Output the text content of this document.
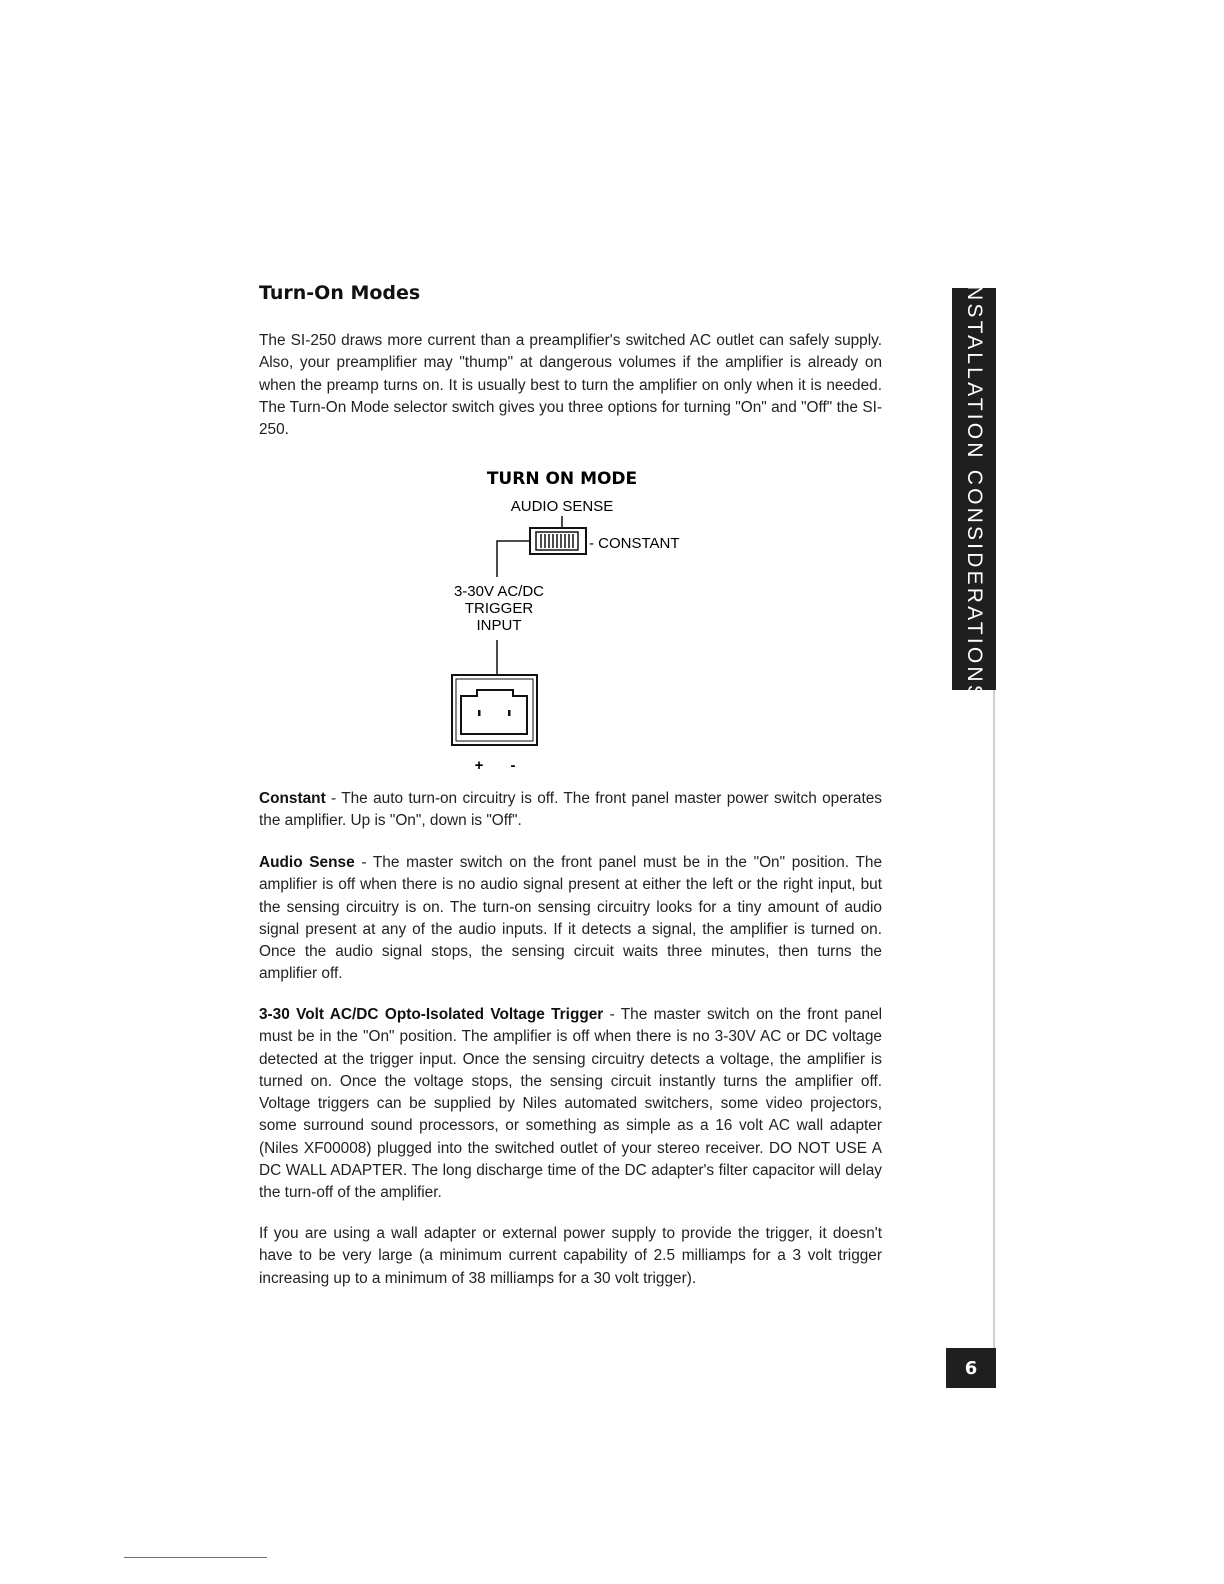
Turn-On Modes

The SI-250 draws more current than a preamplifier's switched AC outlet can safely supply. Also, your preamplifier may "thump" at dangerous volumes if the amplifier is already on when the preamp turns on. It is usually best to turn the amplifier on only when it is needed. The Turn-On Mode selector switch gives you three options for turning "On" and "Off" the SI-250.

TURN ON MODE
AUDIO SENSE
- CONSTANT
3-30V AC/DC
TRIGGER
INPUT
+ -

Constant - The auto turn-on circuitry is off. The front panel master power switch operates the amplifier. Up is "On", down is "Off".

Audio Sense - The master switch on the front panel must be in the "On" position. The amplifier is off when there is no audio signal present at either the left or the right input, but the sensing circuitry is on. The turn-on sensing circuitry looks for a tiny amount of audio signal present at any of the audio inputs. If it detects a signal, the amplifier is turned on. Once the audio signal stops, the sensing circuit waits three minutes, then turns the amplifier off.

3-30 Volt AC/DC Opto-Isolated Voltage Trigger - The master switch on the front panel must be in the "On" position. The amplifier is off when there is no 3-30V AC or DC voltage detected at the trigger input. Once the sensing circuitry detects a voltage, the amplifier is turned on. Once the voltage stops, the sensing circuit instantly turns the amplifier off. Voltage triggers can be supplied by Niles automated switchers, some video projectors, some surround sound processors, or something as simple as a 16 volt AC wall adapter (Niles XF00008) plugged into the switched outlet of your stereo receiver. DO NOT USE A DC WALL ADAPTER. The long discharge time of the DC adapter's filter capacitor will delay the turn-off of the amplifier.

If you are using a wall adapter or external power supply to provide the trigger, it doesn't have to be very large (a minimum current capability of 2.5 milliamps for a 3 volt trigger increasing up to a minimum of 38 milliamps for a 30 volt trigger).

INSTALLATION CONSIDERATIONS
6
